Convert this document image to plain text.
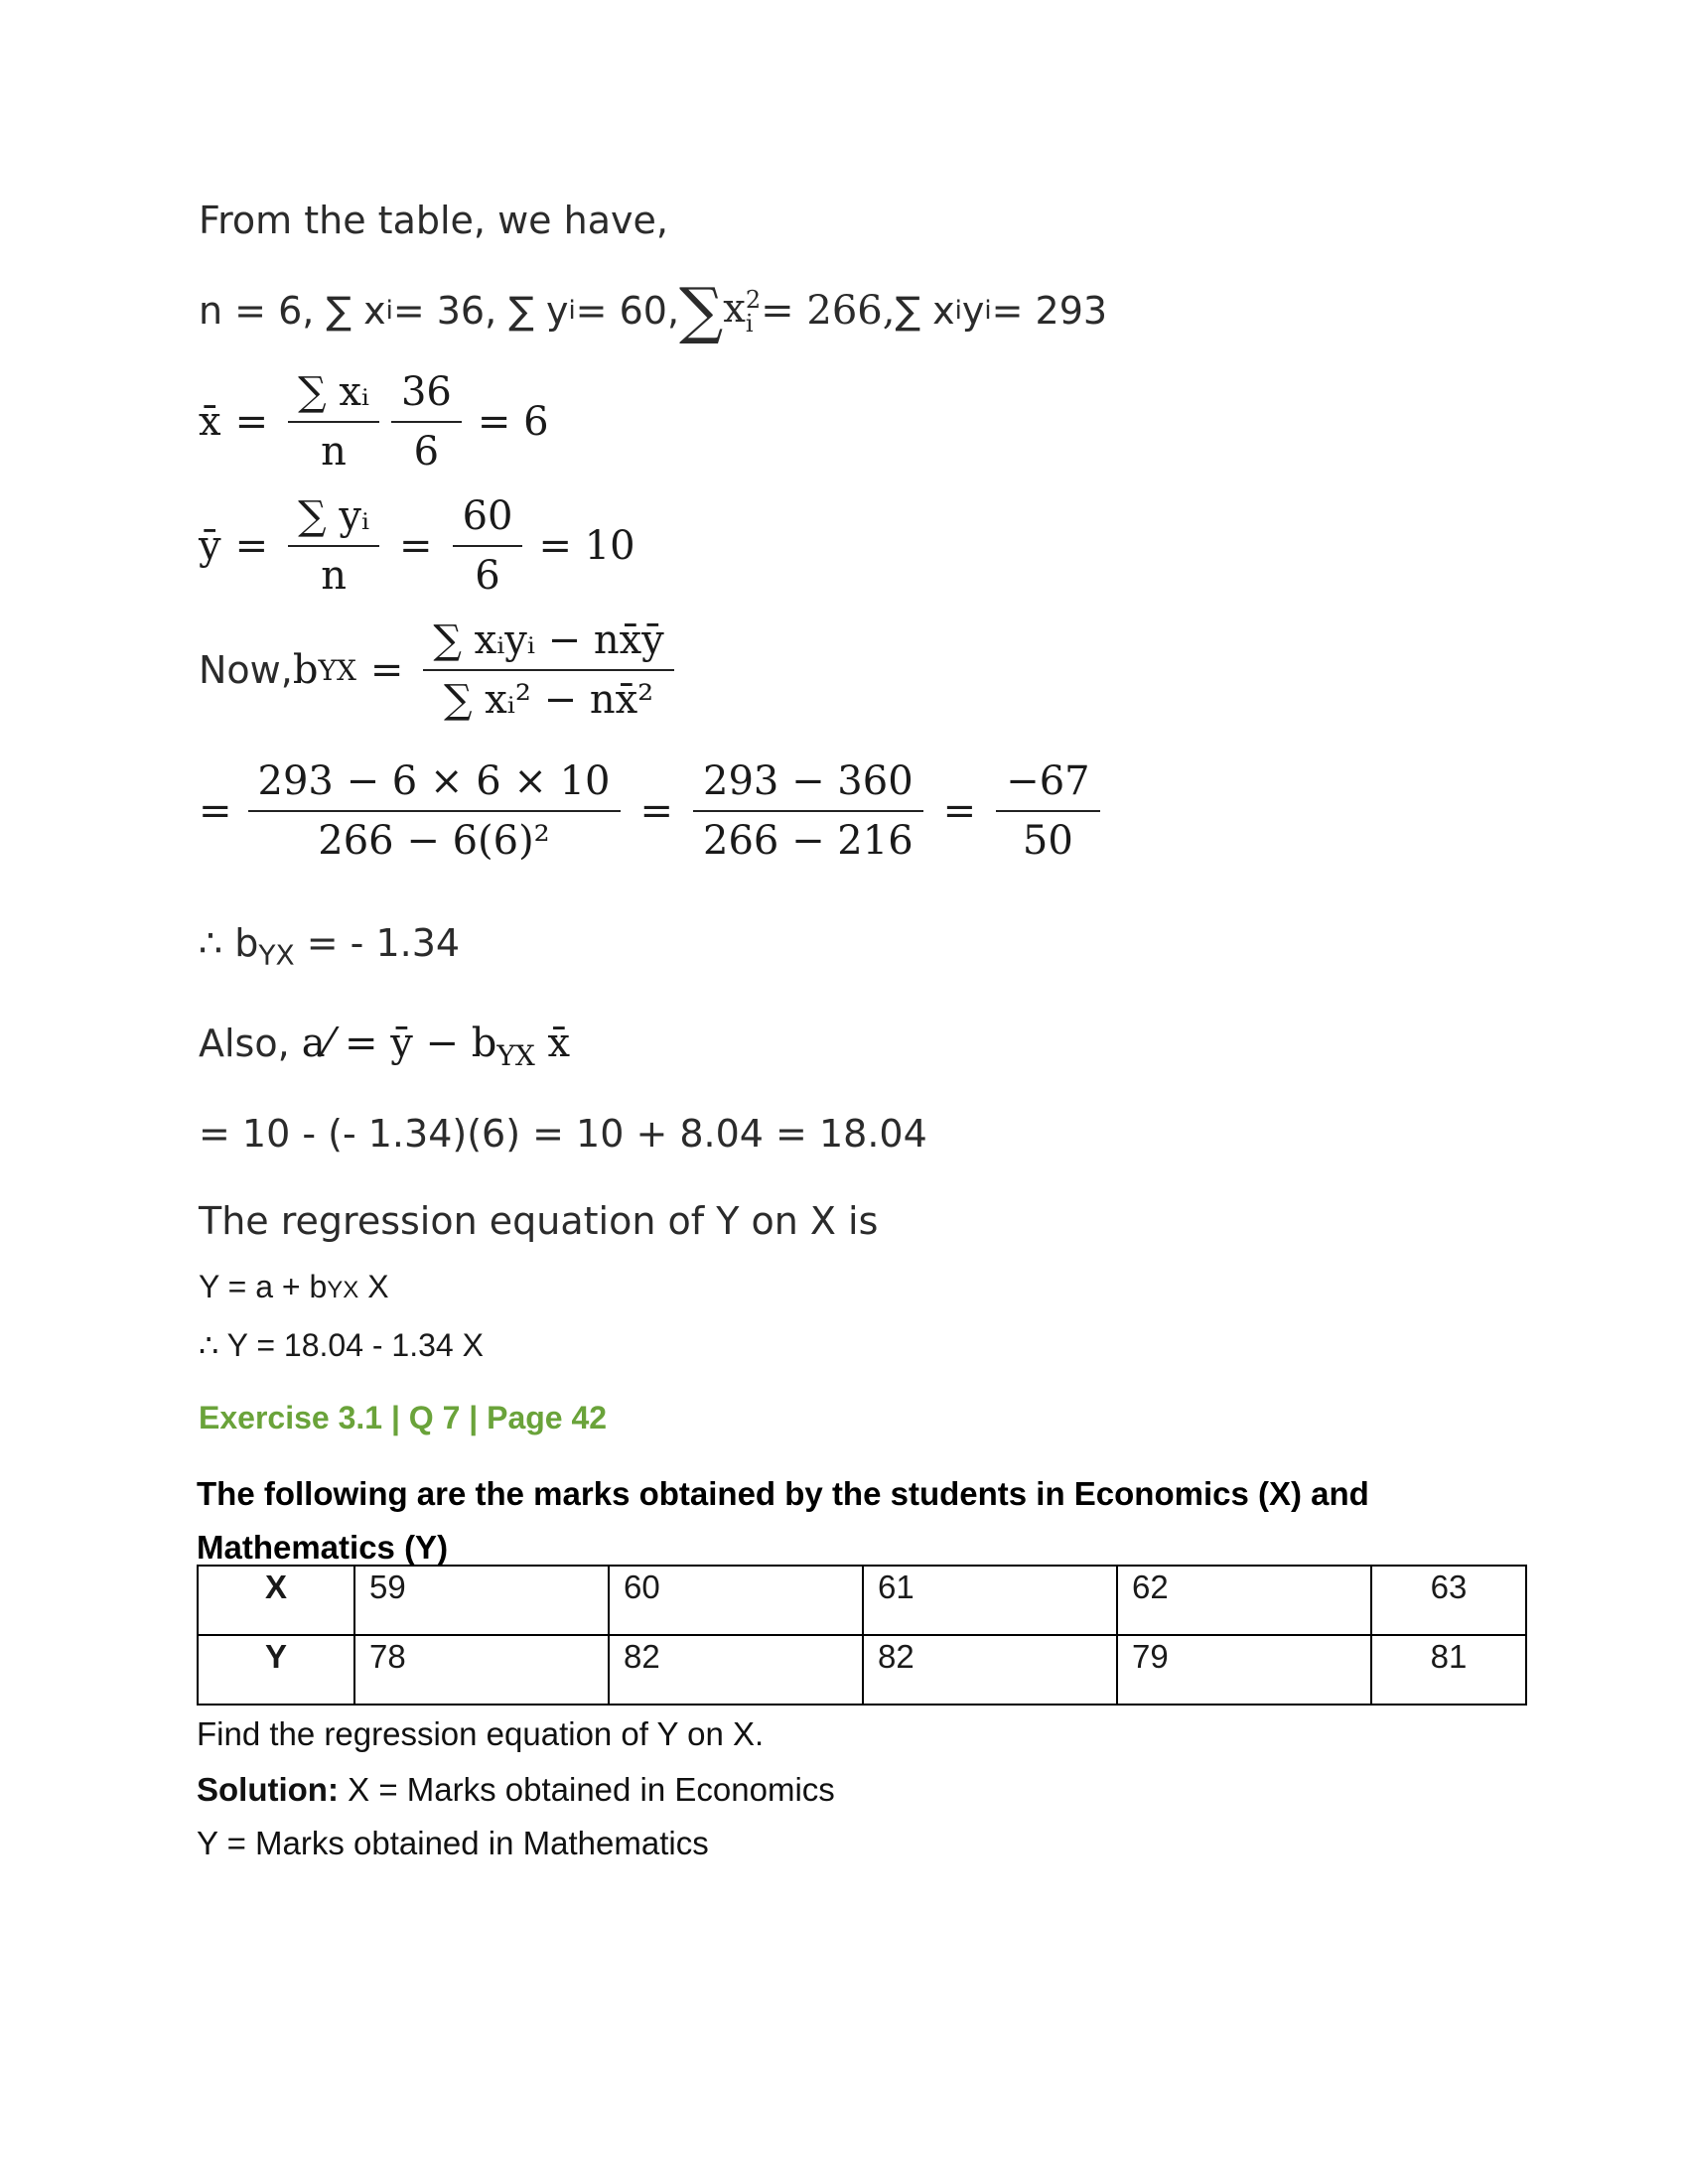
From the table, we have,
n = 6, ∑ x i = 36, ∑ y i = 60, ∑ x 2
i = 266, ∑ x i y i = 293
x̄ = $\frac{\text{∑ xᵢ}}{n} \frac{36}{6} = 6$
ȳ = $\frac{\text{∑ yᵢ}}{n} = \frac{60}{6} = 10$
Now, b YX = $\frac{\text{∑ xᵢyᵢ − nx̄ȳ}}{\text{∑ xᵢ² − nx̄²}}$
= $\frac{293 - 6 \times 6 \times 10}{\text{266 − 6(6)²}} = \frac{293 - 360}{266 - 216} = \frac{-67}{50}$
∴ $b_{YX}$ = - 1.34
Also, a⁄ = ȳ − $b_{YX}$ x̄
= 10 - (- 1.34)(6) = 10 + 8.04 = 18.04
The regression equation of Y on X is
Y = a + bYX X
∴ Y = 18.04 - 1.34 X
Exercise 3.1 | Q 7 | Page 42
The following are the marks obtained by the students in Economics (X) and
Mathematics (Y)
X	59	60	61	62	63
Y	78	82	82	79	81
Find the regression equation of Y on X.
Solution: X = Marks obtained in Economics
Y = Marks obtained in Mathematics
